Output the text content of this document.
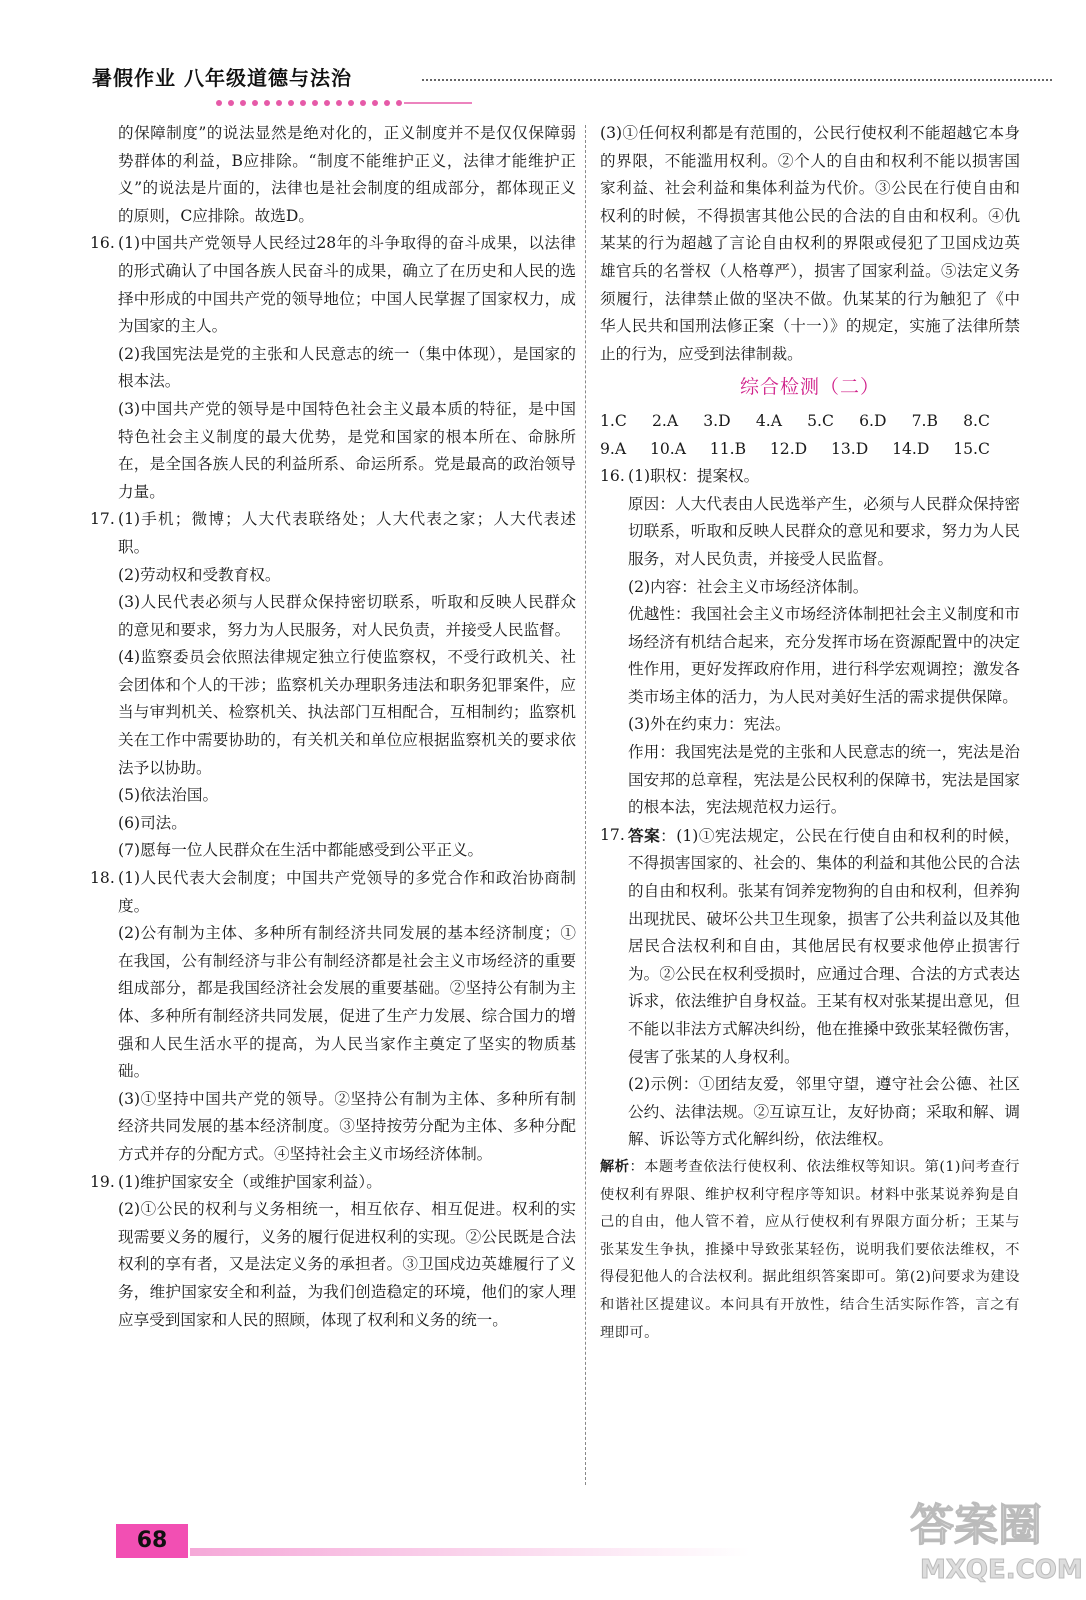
暑假作业 八年级道德与法治

的保障制度”的说法显然是绝对化的，正义制度并不是仅仅保障弱势群体的利益，B应排除。“制度不能维护正义，法律才能维护正义”的说法是片面的，法律也是社会制度的组成部分，都体现正义的原则，C应排除。故选D。

16. (1)中国共产党领导人民经过28年的斗争取得的奋斗成果，以法律的形式确认了中国各族人民奋斗的成果，确立了在历史和人民的选择中形成的中国共产党的领导地位；中国人民掌握了国家权力，成为国家的主人。

(2)我国宪法是党的主张和人民意志的统一（集中体现），是国家的根本法。

(3)中国共产党的领导是中国特色社会主义最本质的特征，是中国特色社会主义制度的最大优势，是党和国家的根本所在、命脉所在，是全国各族人民的利益所系、命运所系。党是最高的政治领导力量。

17. (1)手机；微博；人大代表联络处；人大代表之家；人大代表述职。

(2)劳动权和受教育权。

(3)人民代表必须与人民群众保持密切联系，听取和反映人民群众的意见和要求，努力为人民服务，对人民负责，并接受人民监督。

(4)监察委员会依照法律规定独立行使监察权，不受行政机关、社会团体和个人的干涉；监察机关办理职务违法和职务犯罪案件，应当与审判机关、检察机关、执法部门互相配合，互相制约；监察机关在工作中需要协助的，有关机关和单位应根据监察机关的要求依法予以协助。

(5)依法治国。

(6)司法。

(7)愿每一位人民群众在生活中都能感受到公平正义。

18. (1)人民代表大会制度；中国共产党领导的多党合作和政治协商制度。

(2)公有制为主体、多种所有制经济共同发展的基本经济制度；①在我国，公有制经济与非公有制经济都是社会主义市场经济的重要组成部分，都是我国经济社会发展的重要基础。②坚持公有制为主体、多种所有制经济共同发展，促进了生产力发展、综合国力的增强和人民生活水平的提高，为人民当家作主奠定了坚实的物质基础。

(3)①坚持中国共产党的领导。②坚持公有制为主体、多种所有制经济共同发展的基本经济制度。③坚持按劳分配为主体、多种分配方式并存的分配方式。④坚持社会主义市场经济体制。

19. (1)维护国家安全（或维护国家利益）。

(2)①公民的权利与义务相统一，相互依存、相互促进。权利的实现需要义务的履行，义务的履行促进权利的实现。②公民既是合法权利的享有者，又是法定义务的承担者。③卫国戍边英雄履行了义务，维护国家安全和利益，为我们创造稳定的环境，他们的家人理应享受到国家和人民的照顾，体现了权利和义务的统一。

(3)①任何权利都是有范围的，公民行使权利不能超越它本身的界限，不能滥用权利。②个人的自由和权利不能以损害国家利益、社会利益和集体利益为代价。③公民在行使自由和权利的时候，不得损害其他公民的合法的自由和权利。④仇某某的行为超越了言论自由权利的界限或侵犯了卫国戍边英雄官兵的名誉权（人格尊严），损害了国家利益。⑤法定义务须履行，法律禁止做的坚决不做。仇某某的行为触犯了《中华人民共和国刑法修正案（十一）》的规定，实施了法律所禁止的行为，应受到法律制裁。

综合检测（二）
1.C 2.A 3.D 4.A 5.C 6.D 7.B 8.C
9.A 10.A 11.B 12.D 13.D 14.D 15.C
16. (1)职权：提案权。

原因：人大代表由人民选举产生，必须与人民群众保持密切联系，听取和反映人民群众的意见和要求，努力为人民服务，对人民负责，并接受人民监督。

(2)内容：社会主义市场经济体制。

优越性：我国社会主义市场经济体制把社会主义制度和市场经济有机结合起来，充分发挥市场在资源配置中的决定性作用，更好发挥政府作用，进行科学宏观调控；激发各类市场主体的活力，为人民对美好生活的需求提供保障。

(3)外在约束力：宪法。

作用：我国宪法是党的主张和人民意志的统一，宪法是治国安邦的总章程，宪法是公民权利的保障书，宪法是国家的根本法，宪法规范权力运行。

17. 答案：(1)①宪法规定，公民在行使自由和权利的时候，不得损害国家的、社会的、集体的利益和其他公民的合法的自由和权利。张某有饲养宠物狗的自由和权利，但养狗出现扰民、破坏公共卫生现象，损害了公共利益以及其他居民合法权利和自由，其他居民有权要求他停止损害行为。②公民在权利受损时，应通过合理、合法的方式表达诉求，依法维护自身权益。王某有权对张某提出意见，但不能以非法方式解决纠纷，他在推搡中致张某轻微伤害，侵害了张某的人身权利。

(2)示例：①团结友爱，邻里守望，遵守社会公德、社区公约、法律法规。②互谅互让，友好协商；采取和解、调解、诉讼等方式化解纠纷，依法维权。

解析：本题考查依法行使权利、依法维权等知识。第(1)问考查行使权利有界限、维护权利守程序等知识。材料中张某说养狗是自己的自由，他人管不着，应从行使权利有界限方面分析；王某与张某发生争执，推搡中导致张某轻伤，说明我们要依法维权，不得侵犯他人的合法权利。据此组织答案即可。第(2)问要求为建设和谐社区提建议。本问具有开放性，结合生活实际作答，言之有理即可。

68	答案圈
MXQE.COM
